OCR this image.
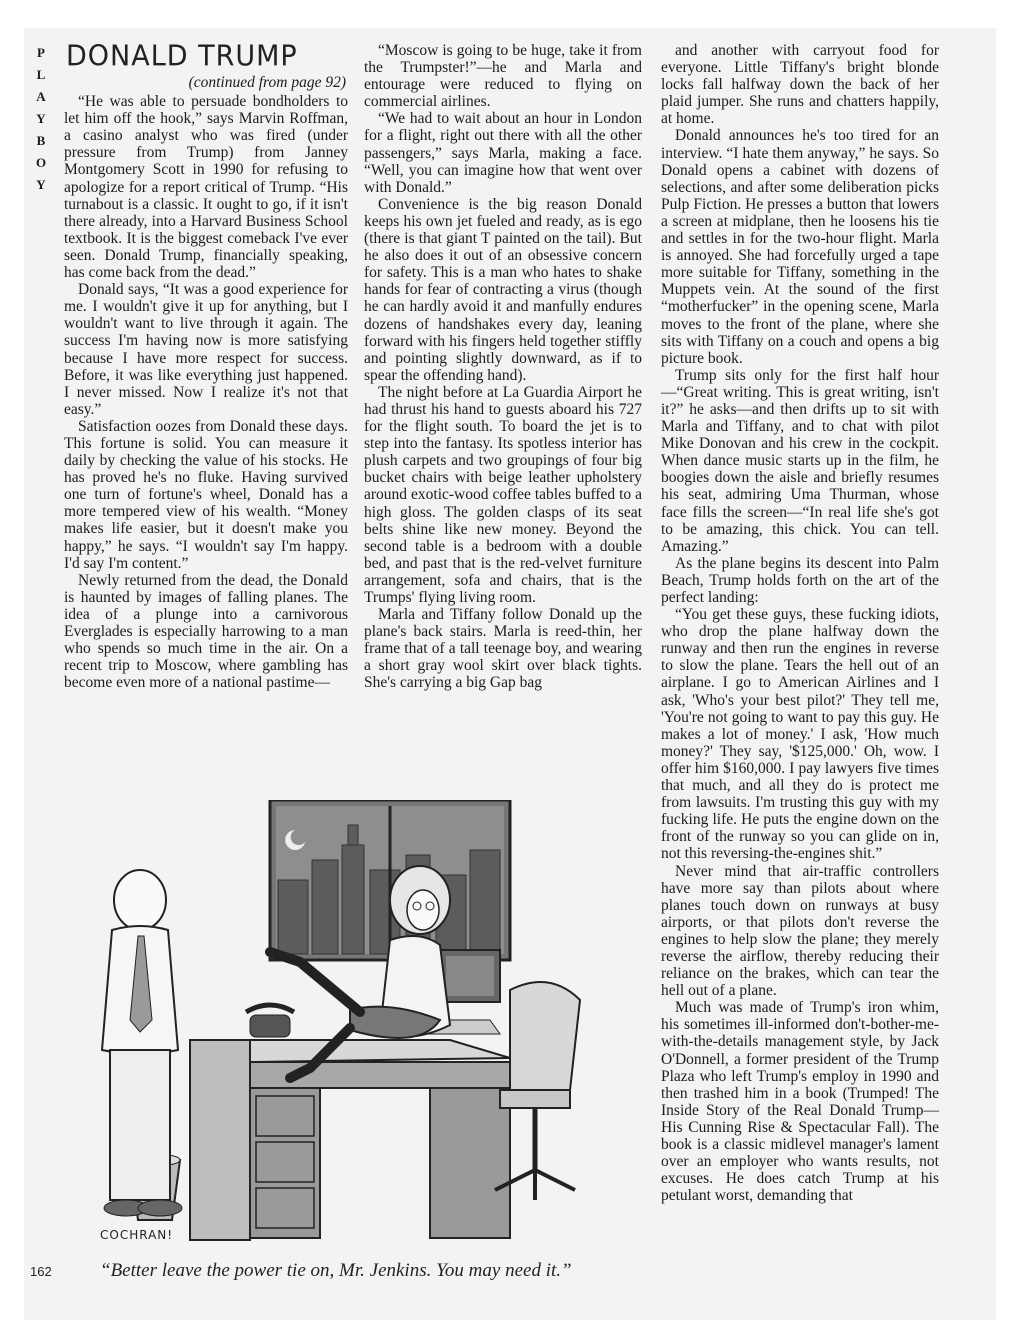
P
L
A
Y
B
O
Y
DONALD TRUMP
(continued from page 92)

“He was able to persuade bondholders to let him off the hook,” says Marvin Roffman, a casino analyst who was fired (under pressure from Trump) from Janney Montgomery Scott in 1990 for refusing to apologize for a report critical of Trump. “His turnabout is a classic. It ought to go, if it isn't there already, into a Harvard Business School textbook. It is the biggest comeback I've ever seen. Donald Trump, financially speaking, has come back from the dead.”

Donald says, “It was a good experience for me. I wouldn't give it up for anything, but I wouldn't want to live through it again. The success I'm having now is more satisfying because I have more respect for success. Before, it was like everything just happened. I never missed. Now I realize it's not that easy.”

Satisfaction oozes from Donald these days. This fortune is solid. You can measure it daily by checking the value of his stocks. He has proved he's no fluke. Having survived one turn of fortune's wheel, Donald has a more tempered view of his wealth. “Money makes life easier, but it doesn't make you happy,” he says. “I wouldn't say I'm happy. I'd say I'm content.”

Newly returned from the dead, the Donald is haunted by images of falling planes. The idea of a plunge into a carnivorous Everglades is especially harrowing to a man who spends so much time in the air. On a recent trip to Moscow, where gambling has become even more of a national pastime—

“Moscow is going to be huge, take it from the Trumpster!”—he and Marla and entourage were reduced to flying on commercial airlines.

“We had to wait about an hour in London for a flight, right out there with all the other passengers,” says Marla, making a face. “Well, you can imagine how that went over with Donald.”

Convenience is the big reason Donald keeps his own jet fueled and ready, as is ego (there is that giant T painted on the tail). But he also does it out of an obsessive concern for safety. This is a man who hates to shake hands for fear of contracting a virus (though he can hardly avoid it and manfully endures dozens of handshakes every day, leaning forward with his fingers held together stiffly and pointing slightly downward, as if to spear the offending hand).

The night before at La Guardia Airport he had thrust his hand to guests aboard his 727 for the flight south. To board the jet is to step into the fantasy. Its spotless interior has plush carpets and two groupings of four big bucket chairs with beige leather upholstery around exotic-wood coffee tables buffed to a high gloss. The golden clasps of its seat belts shine like new money. Beyond the second table is a bedroom with a double bed, and past that is the red-velvet furniture arrangement, sofa and chairs, that is the Trumps' flying living room.

Marla and Tiffany follow Donald up the plane's back stairs. Marla is reed-thin, her frame that of a tall teenage boy, and wearing a short gray wool skirt over black tights. She's carrying a big Gap bag

and another with carryout food for everyone. Little Tiffany's bright blonde locks fall halfway down the back of her plaid jumper. She runs and chatters happily, at home.

Donald announces he's too tired for an interview. “I hate them anyway,” he says. So Donald opens a cabinet with dozens of selections, and after some deliberation picks Pulp Fiction. He presses a button that lowers a screen at midplane, then he loosens his tie and settles in for the two-hour flight. Marla is annoyed. She had forcefully urged a tape more suitable for Tiffany, something in the Muppets vein. At the sound of the first “motherfucker” in the opening scene, Marla moves to the front of the plane, where she sits with Tiffany on a couch and opens a big picture book.

Trump sits only for the first half hour—“Great writing. This is great writing, isn't it?” he asks—and then drifts up to sit with Marla and Tiffany, and to chat with pilot Mike Donovan and his crew in the cockpit. When dance music starts up in the film, he boogies down the aisle and briefly resumes his seat, admiring Uma Thurman, whose face fills the screen—“In real life she's got to be amazing, this chick. You can tell. Amazing.”

As the plane begins its descent into Palm Beach, Trump holds forth on the art of the perfect landing:

“You get these guys, these fucking idiots, who drop the plane halfway down the runway and then run the engines in reverse to slow the plane. Tears the hell out of an airplane. I go to American Airlines and I ask, 'Who's your best pilot?' They tell me, 'You're not going to want to pay this guy. He makes a lot of money.' I ask, 'How much money?' They say, '$125,000.' Oh, wow. I offer him $160,000. I pay lawyers five times that much, and all they do is protect me from lawsuits. I'm trusting this guy with my fucking life. He puts the engine down on the front of the runway so you can glide on in, not this reversing-the-engines shit.”

Never mind that air-traffic controllers have more say than pilots about where planes touch down on runways at busy airports, or that pilots don't reverse the engines to help slow the plane; they merely reverse the airflow, thereby reducing their reliance on the brakes, which can tear the hell out of a plane.

Much was made of Trump's iron whim, his sometimes ill-informed don't-bother-me-with-the-details management style, by Jack O'Donnell, a former president of the Trump Plaza who left Trump's employ in 1990 and then trashed him in a book (Trumped! The Inside Story of the Real Donald Trump—His Cunning Rise & Spectacular Fall). The book is a classic midlevel manager's lament over an employer who wants results, not excuses. He does catch Trump at his petulant worst, demanding that

COCHRAN!
“Better leave the power tie on, Mr. Jenkins. You may need it.”
162
